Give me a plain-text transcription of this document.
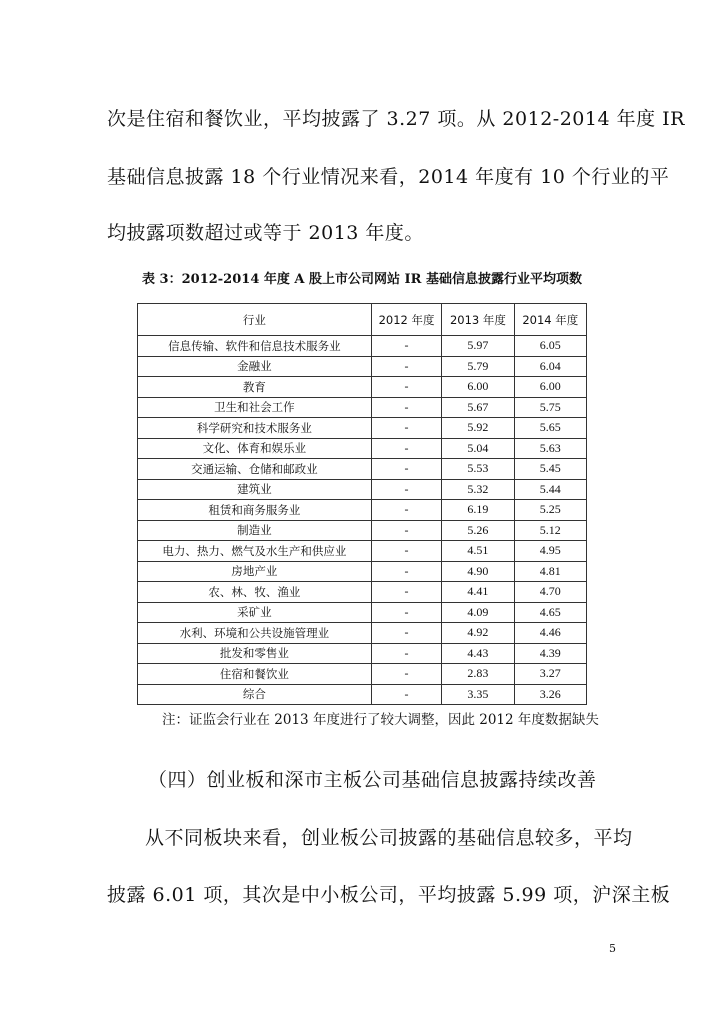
次是住宿和餐饮业，平均披露了 3.27 项。从 2012-2014 年度 IR
基础信息披露 18 个行业情况来看，2014 年度有 10 个行业的平
均披露项数超过或等于 2013 年度。
表 3：2012-2014 年度 A 股上市公司网站 IR 基础信息披露行业平均项数
行业	2012 年度	2013 年度	2014 年度
信息传输、软件和信息技术服务业	-	5.97	6.05
金融业	-	5.79	6.04
教育	-	6.00	6.00
卫生和社会工作	-	5.67	5.75
科学研究和技术服务业	-	5.92	5.65
文化、体育和娱乐业	-	5.04	5.63
交通运输、仓储和邮政业	-	5.53	5.45
建筑业	-	5.32	5.44
租赁和商务服务业	-	6.19	5.25
制造业	-	5.26	5.12
电力、热力、燃气及水生产和供应业	-	4.51	4.95
房地产业	-	4.90	4.81
农、林、牧、渔业	-	4.41	4.70
采矿业	-	4.09	4.65
水利、环境和公共设施管理业	-	4.92	4.46
批发和零售业	-	4.43	4.39
住宿和餐饮业	-	2.83	3.27
综合	-	3.35	3.26
注：证监会行业在 2013 年度进行了较大调整，因此 2012 年度数据缺失
（四）创业板和深市主板公司基础信息披露持续改善
从不同板块来看，创业板公司披露的基础信息较多，平均
披露 6.01 项，其次是中小板公司，平均披露 5.99 项，沪深主板
5
